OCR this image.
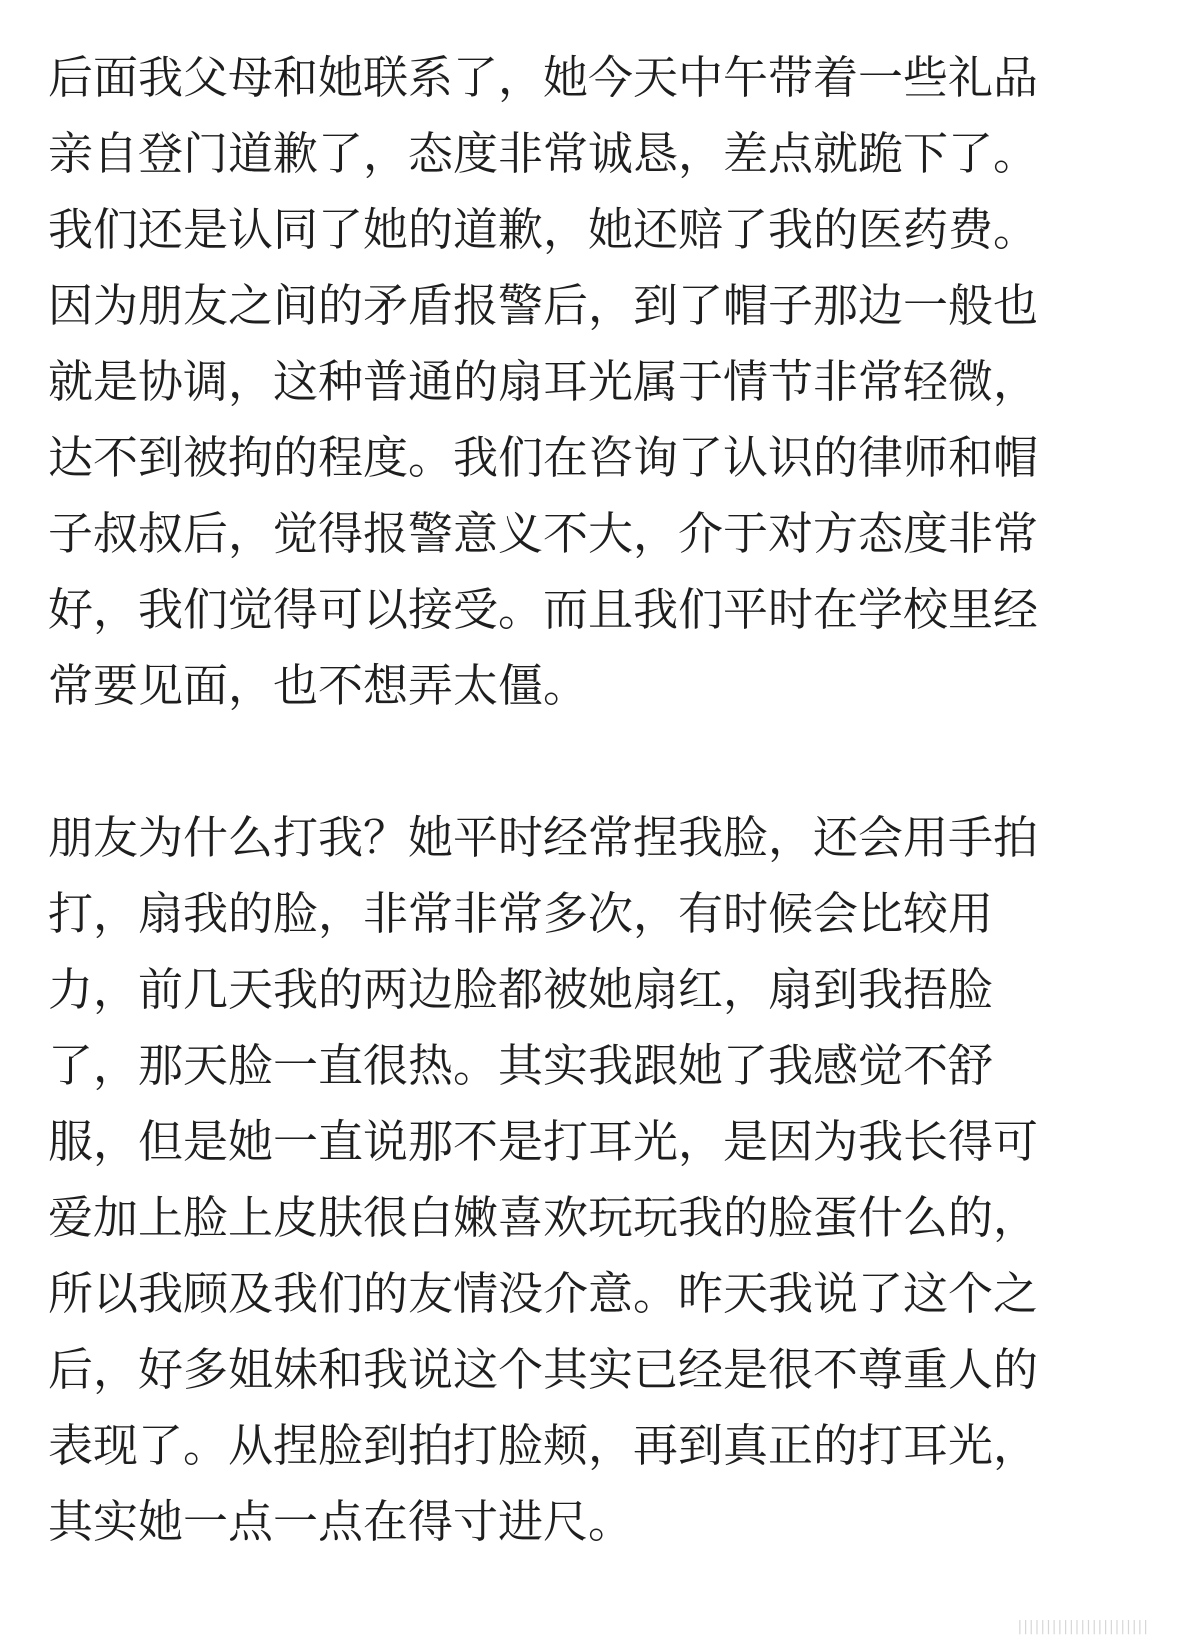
后面我父母和她联系了，她今天中午带着一些礼品
亲自登门道歉了，态度非常诚恳，差点就跪下了。
我们还是认同了她的道歉，她还赔了我的医药费。
因为朋友之间的矛盾报警后，到了帽子那边一般也
就是协调，这种普通的扇耳光属于情节非常轻微，
达不到被拘的程度。我们在咨询了认识的律师和帽
子叔叔后，觉得报警意义不大，介于对方态度非常
好，我们觉得可以接受。而且我们平时在学校里经
常要见面，也不想弄太僵。
朋友为什么打我？她平时经常捏我脸，还会用手拍
打，扇我的脸，非常非常多次，有时候会比较用
力，前几天我的两边脸都被她扇红，扇到我捂脸
了，那天脸一直很热。其实我跟她了我感觉不舒
服，但是她一直说那不是打耳光，是因为我长得可
爱加上脸上皮肤很白嫩喜欢玩玩我的脸蛋什么的，
所以我顾及我们的友情没介意。昨天我说了这个之
后，好多姐妹和我说这个其实已经是很不尊重人的
表现了。从捏脸到拍打脸颊，再到真正的打耳光，
其实她一点一点在得寸进尺。
|||||||||||||||||||||||
